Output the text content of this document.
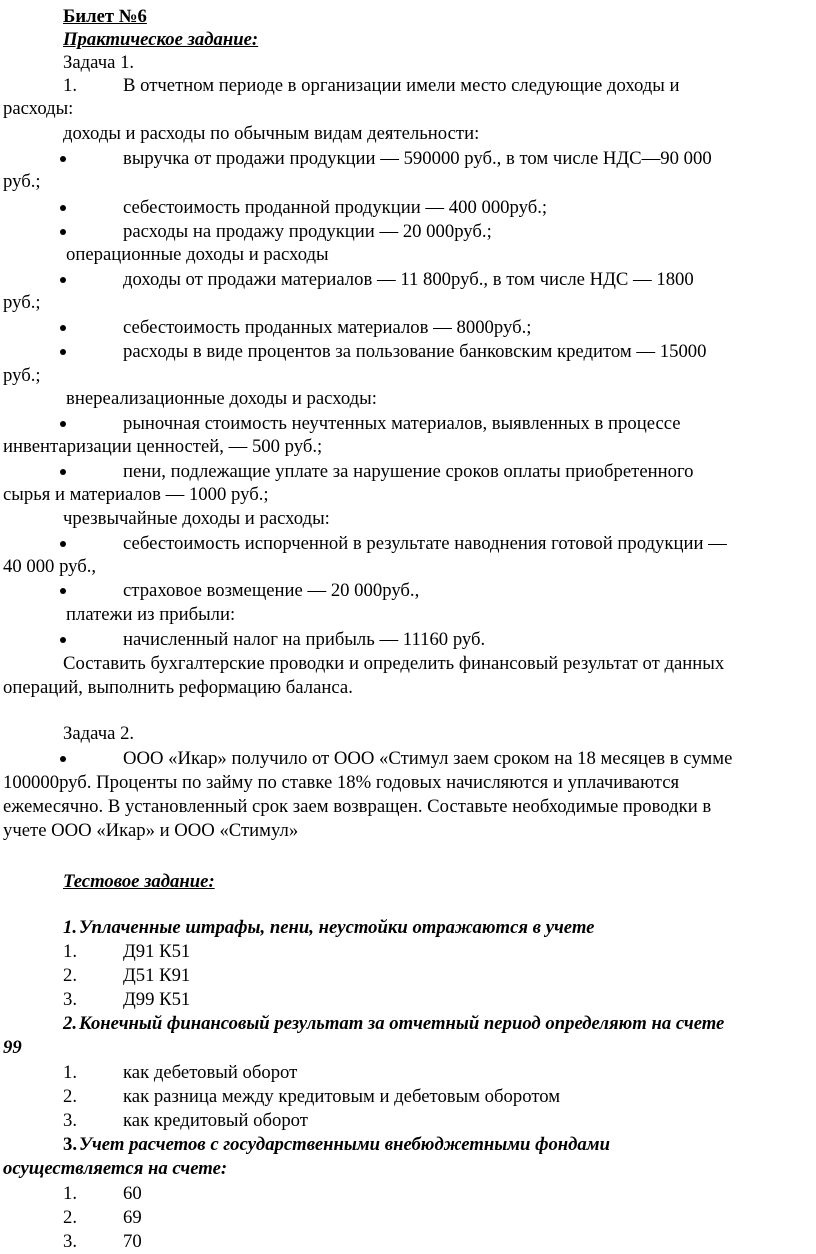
Билет №6
Практическое задание:
Задача 1.
1. В отчетном периоде в организации имели место следующие доходы и
расходы:
доходы и расходы по обычным видам деятельности:
выручка от продажи продукции — 590000 руб., в том числе НДС—90 000
руб.;
себестоимость проданной продукции — 400 000руб.;
расходы на продажу продукции — 20 000руб.;
операционные доходы и расходы
доходы от продажи материалов — 11 800руб., в том числе НДС — 1800
руб.;
себестоимость проданных материалов — 8000руб.;
расходы в виде процентов за пользование банковским кредитом — 15000
руб.;
внереализационные доходы и расходы:
рыночная стоимость неучтенных материалов, выявленных в процессе
инвентаризации ценностей, — 500 руб.;
пени, подлежащие уплате за нарушение сроков оплаты приобретенного
сырья и материалов — 1000 руб.;
чрезвычайные доходы и расходы:
себестоимость испорченной в результате наводнения готовой продукции —
40 000 руб.,
страховое возмещение — 20 000руб.,
платежи из прибыли:
начисленный налог на прибыль — 11160 руб.
Составить бухгалтерские проводки и определить финансовый результат от данных
операций, выполнить реформацию баланса.
Задача 2.
ООО «Икар» получило от ООО «Стимул заем сроком на 18 месяцев в сумме
100000руб. Проценты по займу по ставке 18% годовых начисляются и уплачиваются
ежемесячно. В установленный срок заем возвращен. Составьте необходимые проводки в
учете ООО «Икар» и ООО «Стимул»
Тестовое задание:
1. Уплаченные штрафы, пени, неустойки отражаются в учете
1. Д91 К51
2. Д51 К91
3. Д99 К51
2. Конечный финансовый результат за отчетный период определяют на счете
99
1. как дебетовый оборот
2. как разница между кредитовым и дебетовым оборотом
3. как кредитовый оборот
3. Учет расчетов с государственными внебюджетными фондами
осуществляется на счете:
1. 60
2. 69
3. 70
